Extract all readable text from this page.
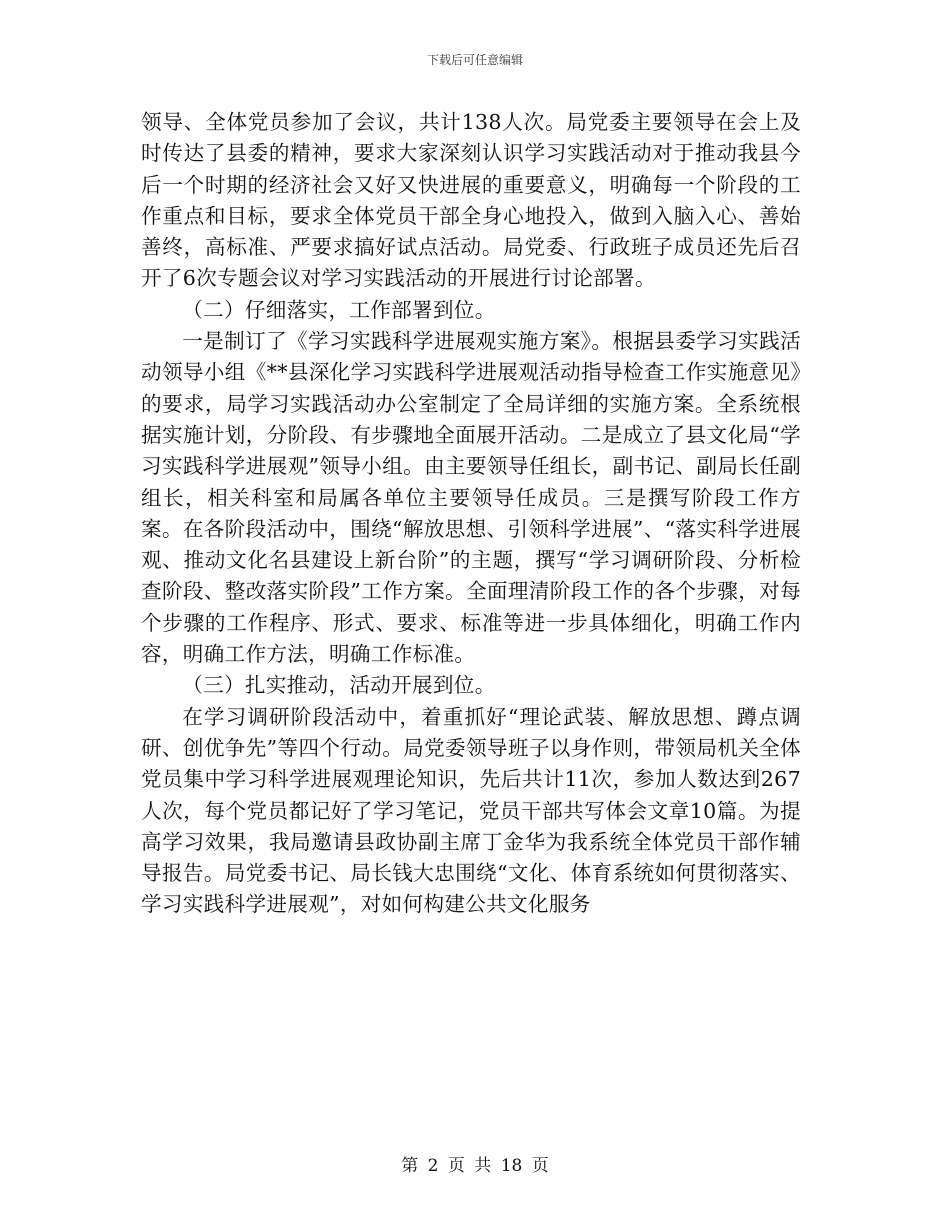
下载后可任意编辑

领导、全体党员参加了会议，共计138人次。局党委主要领导在会上及时传达了县委的精神，要求大家深刻认识学习实践活动对于推动我县今后一个时期的经济社会又好又快进展的重要意义，明确每一个阶段的工作重点和目标，要求全体党员干部全身心地投入，做到入脑入心、善始善终，高标准、严要求搞好试点活动。局党委、行政班子成员还先后召开了6次专题会议对学习实践活动的开展进行讨论部署。

（二）仔细落实，工作部署到位。

一是制订了《学习实践科学进展观实施方案》。根据县委学习实践活动领导小组《**县深化学习实践科学进展观活动指导检查工作实施意见》的要求，局学习实践活动办公室制定了全局详细的实施方案。全系统根据实施计划，分阶段、有步骤地全面展开活动。二是成立了县文化局“学习实践科学进展观”领导小组。由主要领导任组长，副书记、副局长任副组长，相关科室和局属各单位主要领导任成员。三是撰写阶段工作方案。在各阶段活动中，围绕“解放思想、引领科学进展”、“落实科学进展观、推动文化名县建设上新台阶”的主题，撰写“学习调研阶段、分析检查阶段、整改落实阶段”工作方案。全面理清阶段工作的各个步骤，对每个步骤的工作程序、形式、要求、标准等进一步具体细化，明确工作内容，明确工作方法，明确工作标准。

（三）扎实推动，活动开展到位。

在学习调研阶段活动中，着重抓好“理论武装、解放思想、蹲点调研、创优争先”等四个行动。局党委领导班子以身作则，带领局机关全体党员集中学习科学进展观理论知识，先后共计11次，参加人数达到267人次，每个党员都记好了学习笔记，党员干部共写体会文章10篇。为提高学习效果，我局邀请县政协副主席丁金华为我系统全体党员干部作辅导报告。局党委书记、局长钱大忠围绕“文化、体育系统如何贯彻落实、学习实践科学进展观”，对如何构建公共文化服务

第 2 页 共 18 页
